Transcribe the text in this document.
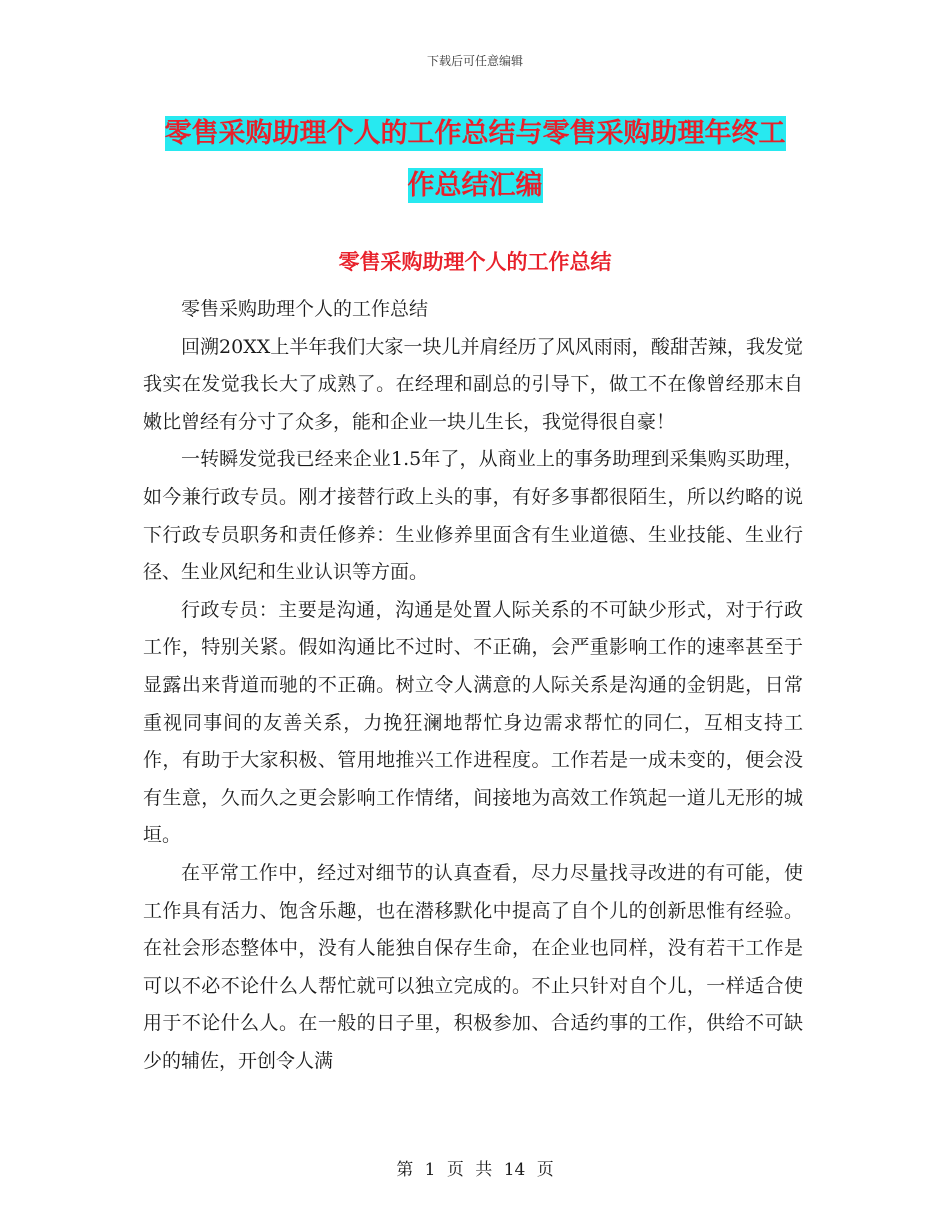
下载后可任意编辑
零售采购助理个人的工作总结与零售采购助理年终工
作总结汇编
零售采购助理个人的工作总结

零售采购助理个人的工作总结

回溯20XX上半年我们大家一块儿并肩经历了风风雨雨，酸甜苦辣，我发觉我实在发觉我长大了成熟了。在经理和副总的引导下，做工不在像曾经那末自嫩比曾经有分寸了众多，能和企业一块儿生长，我觉得很自豪！

一转瞬发觉我已经来企业1.5年了，从商业上的事务助理到采集购买助理，如今兼行政专员。刚才接替行政上头的事，有好多事都很陌生，所以约略的说下行政专员职务和责任修养：生业修养里面含有生业道德、生业技能、生业行径、生业风纪和生业认识等方面。

行政专员：主要是沟通，沟通是处置人际关系的不可缺少形式，对于行政工作，特别关紧。假如沟通比不过时、不正确，会严重影响工作的速率甚至于显露出来背道而驰的不正确。树立令人满意的人际关系是沟通的金钥匙，日常重视同事间的友善关系，力挽狂澜地帮忙身边需求帮忙的同仁，互相支持工作，有助于大家积极、管用地推兴工作进程度。工作若是一成未变的，便会没有生意，久而久之更会影响工作情绪，间接地为高效工作筑起一道儿无形的城垣。

在平常工作中，经过对细节的认真查看，尽力尽量找寻改进的有可能，使工作具有活力、饱含乐趣，也在潜移默化中提高了自个儿的创新思惟有经验。在社会形态整体中，没有人能独自保存生命，在企业也同样，没有若干工作是可以不必不论什么人帮忙就可以独立完成的。不止只针对自个儿，一样适合使用于不论什么人。在一般的日子里，积极参加、合适约事的工作，供给不可缺少的辅佐，开创令人满

第 1 页 共 14 页
